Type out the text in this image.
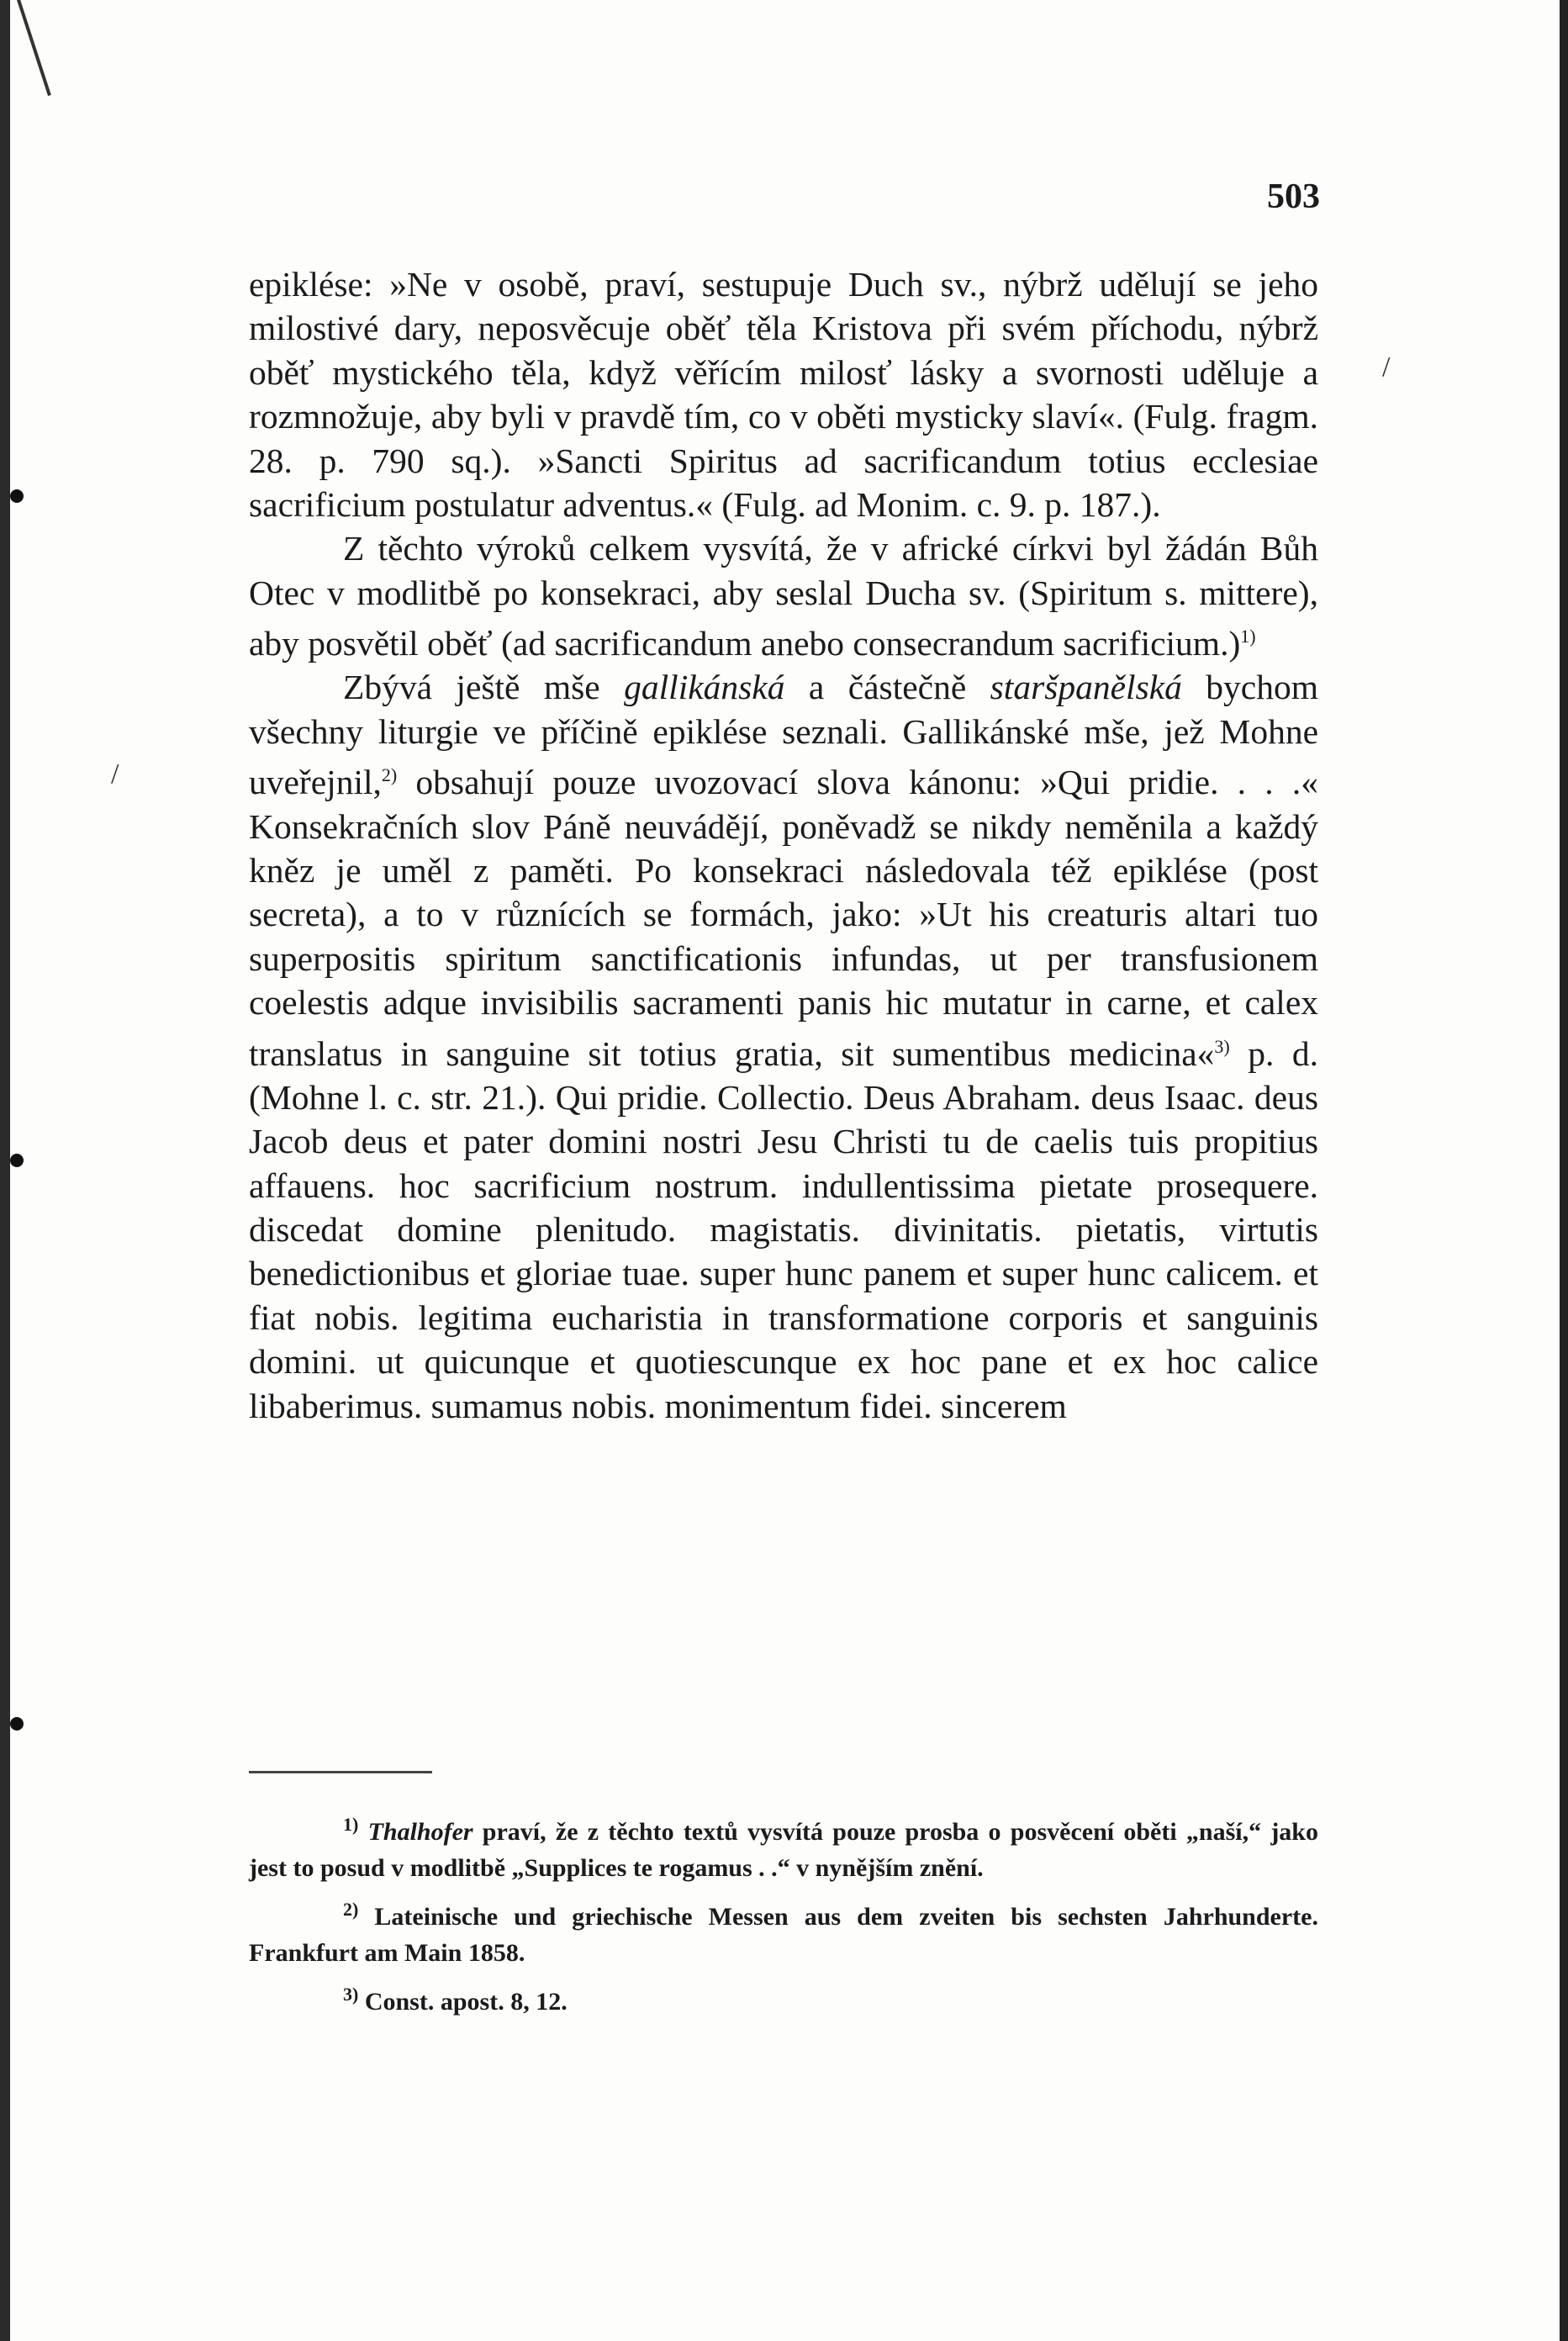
/
/
503

epiklése: »Ne v osobě, praví, sestupuje Duch sv., nýbrž udělují se jeho milostivé dary, neposvěcuje oběť těla Kristova při svém příchodu, nýbrž oběť mystického těla, když věřícím milosť lásky a svornosti uděluje a rozmnožuje, aby byli v pravdě tím, co v oběti mysticky slaví«. (Fulg. fragm. 28. p. 790 sq.). »Sancti Spiritus ad sacrificandum totius ecclesiae sacrificium postulatur adventus.« (Fulg. ad Monim. c. 9. p. 187.).

Z těchto výroků celkem vysvítá, že v africké církvi byl žádán Bůh Otec v modlitbě po konsekraci, aby seslal Ducha sv. (Spiritum s. mittere), aby posvětil oběť (ad sacrificandum anebo consecrandum sacrificium.)$^{1)}$

Zbývá ještě mše gallikánská a částečně staršpanělská bychom všechny liturgie ve příčině epiklése seznali. Gallikánské mše, jež Mohne uveřejnil,$^{2)}$ obsahují pouze uvozovací slova kánonu: »Qui pridie. . . .« Konsekračních slov Páně neuvádějí, poněvadž se nikdy neměnila a každý kněz je uměl z paměti. Po konsekraci následovala též epiklése (post secreta), a to v různících se formách, jako: »Ut his creaturis altari tuo superpositis spiritum sanctificationis infundas, ut per transfusionem coelestis adque invisibilis sacramenti panis hic mutatur in carne, et calex translatus in sanguine sit totius gratia, sit sumentibus medicina«$^{3)}$ p. d. (Mohne l. c. str. 21.). Qui pridie. Collectio. Deus Abraham. deus Isaac. deus Jacob deus et pater domini nostri Jesu Christi tu de caelis tuis propitius affauens. hoc sacrificium nostrum. indullentissima pietate prosequere. discedat domine plenitudo. magistatis. divinitatis. pietatis, virtutis benedictionibus et gloriae tuae. super hunc panem et super hunc calicem. et fiat nobis. legitima eucharistia in transformatione corporis et sanguinis domini. ut quicunque et quotiescunque ex hoc pane et ex hoc calice libaberimus. sumamus nobis. monimentum fidei. sincerem

$^{1)}$ Thalhofer praví, že z těchto textů vysvítá pouze prosba o posvěcení oběti „naší,“ jako jest to posud v modlitbě „Supplices te rogamus . .“ v nynějším znění.

$^{2)}$ Lateinische und griechische Messen aus dem zveiten bis sechsten Jahrhunderte. Frankfurt am Main 1858.

$^{3)}$ Const. apost. 8, 12.
